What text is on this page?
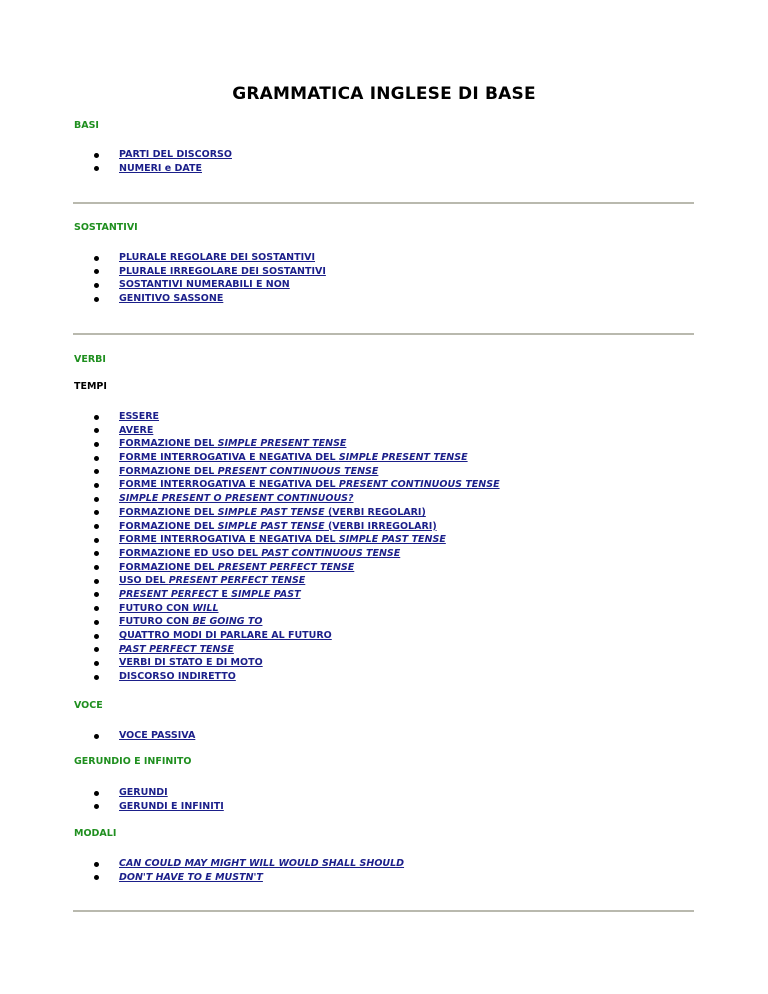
GRAMMATICA INGLESE DI BASE

BASI

PARTI DEL DISCORSO
NUMERI e DATE

SOSTANTIVI

PLURALE REGOLARE DEI SOSTANTIVI
PLURALE IRREGOLARE DEI SOSTANTIVI
SOSTANTIVI NUMERABILI E NON
GENITIVO SASSONE

VERBI

TEMPI

ESSERE
AVERE
FORMAZIONE DEL SIMPLE PRESENT TENSE
FORME INTERROGATIVA E NEGATIVA DEL SIMPLE PRESENT TENSE
FORMAZIONE DEL PRESENT CONTINUOUS TENSE
FORME INTERROGATIVA E NEGATIVA DEL PRESENT CONTINUOUS TENSE
SIMPLE PRESENT O PRESENT CONTINUOUS?
FORMAZIONE DEL SIMPLE PAST TENSE (VERBI REGOLARI)
FORMAZIONE DEL SIMPLE PAST TENSE (VERBI IRREGOLARI)
FORME INTERROGATIVA E NEGATIVA DEL SIMPLE PAST TENSE
FORMAZIONE ED USO DEL PAST CONTINUOUS TENSE
FORMAZIONE DEL PRESENT PERFECT TENSE
USO DEL PRESENT PERFECT TENSE
PRESENT PERFECT E SIMPLE PAST
FUTURO CON WILL
FUTURO CON BE GOING TO
QUATTRO MODI DI PARLARE AL FUTURO
PAST PERFECT TENSE
VERBI DI STATO E DI MOTO
DISCORSO INDIRETTO

VOCE

VOCE PASSIVA

GERUNDIO E INFINITO

GERUNDI
GERUNDI E INFINITI

MODALI

CAN COULD MAY MIGHT WILL WOULD SHALL SHOULD
DON'T HAVE TO E MUSTN'T
